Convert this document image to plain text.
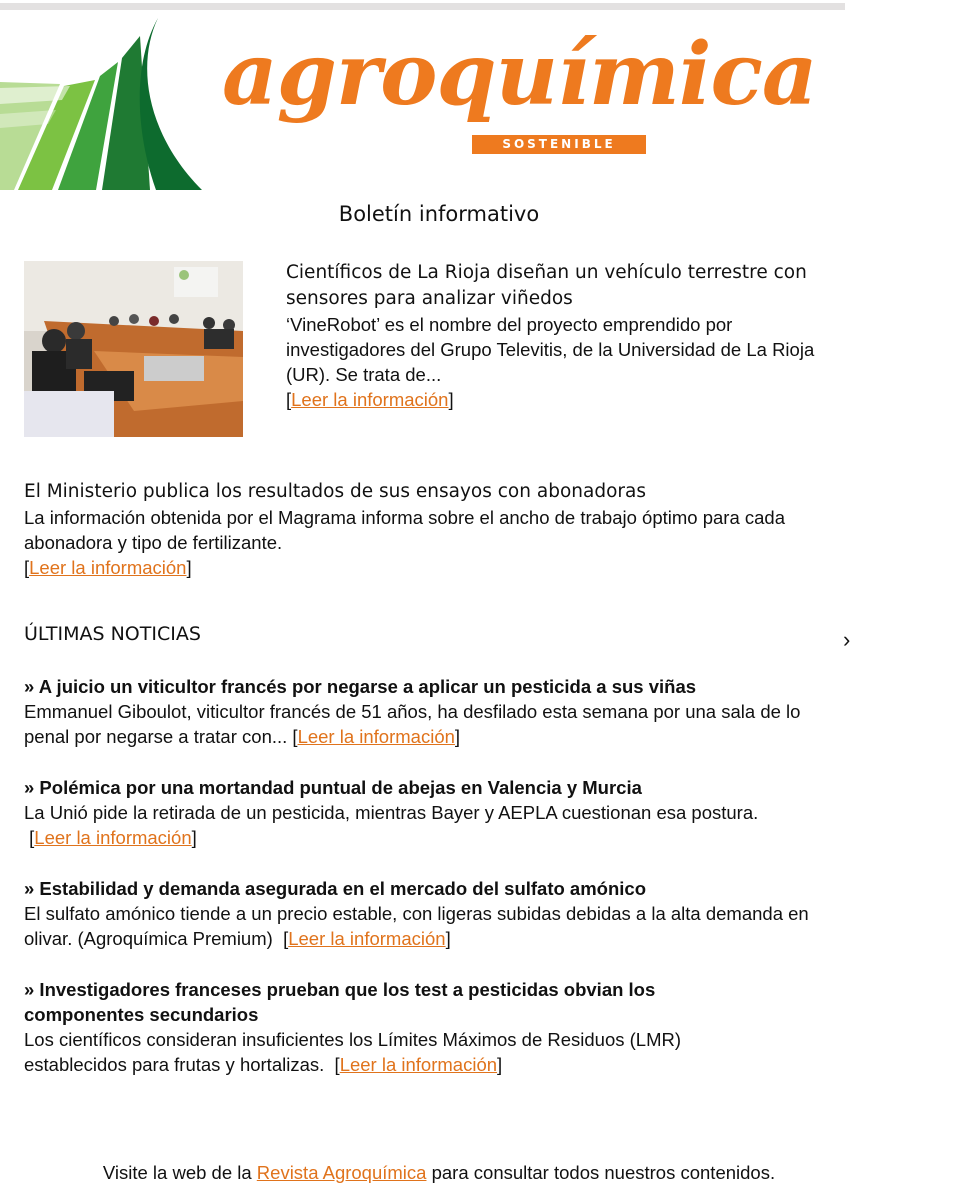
agroquímica
SOSTENIBLE
Boletín informativo
Científicos de La Rioja diseñan un vehículo terrestre con sensores para analizar viñedos
‘VineRobot’ es el nombre del proyecto emprendido por investigadores del Grupo Televitis, de la Universidad de La Rioja (UR). Se trata de...
[Leer la información]
El Ministerio publica los resultados de sus ensayos con abonadoras
La información obtenida por el Magrama informa sobre el ancho de trabajo óptimo para cada abonadora y tipo de fertilizante.
[Leer la información]
ÚLTIMAS NOTICIAS	›
» A juicio un viticultor francés por negarse a aplicar un pesticida a sus viñas
Emmanuel Giboulot, viticultor francés de 51 años, ha desfilado esta semana por una sala de lo penal por negarse a tratar con... [Leer la información]
» Polémica por una mortandad puntual de abejas en Valencia y Murcia
La Unió pide la retirada de un pesticida, mientras Bayer y AEPLA cuestionan esa postura.
[Leer la información]
» Estabilidad y demanda asegurada en el mercado del sulfato amónico
El sulfato amónico tiende a un precio estable, con ligeras subidas debidas a la alta demanda en olivar. (Agroquímica Premium)  [Leer la información]
» Investigadores franceses prueban que los test a pesticidas obvian los componentes secundarios
Los científicos consideran insuficientes los Límites Máximos de Residuos (LMR) establecidos para frutas y hortalizas.  [Leer la información]
Visite la web de la Revista Agroquímica para consultar todos nuestros contenidos.
